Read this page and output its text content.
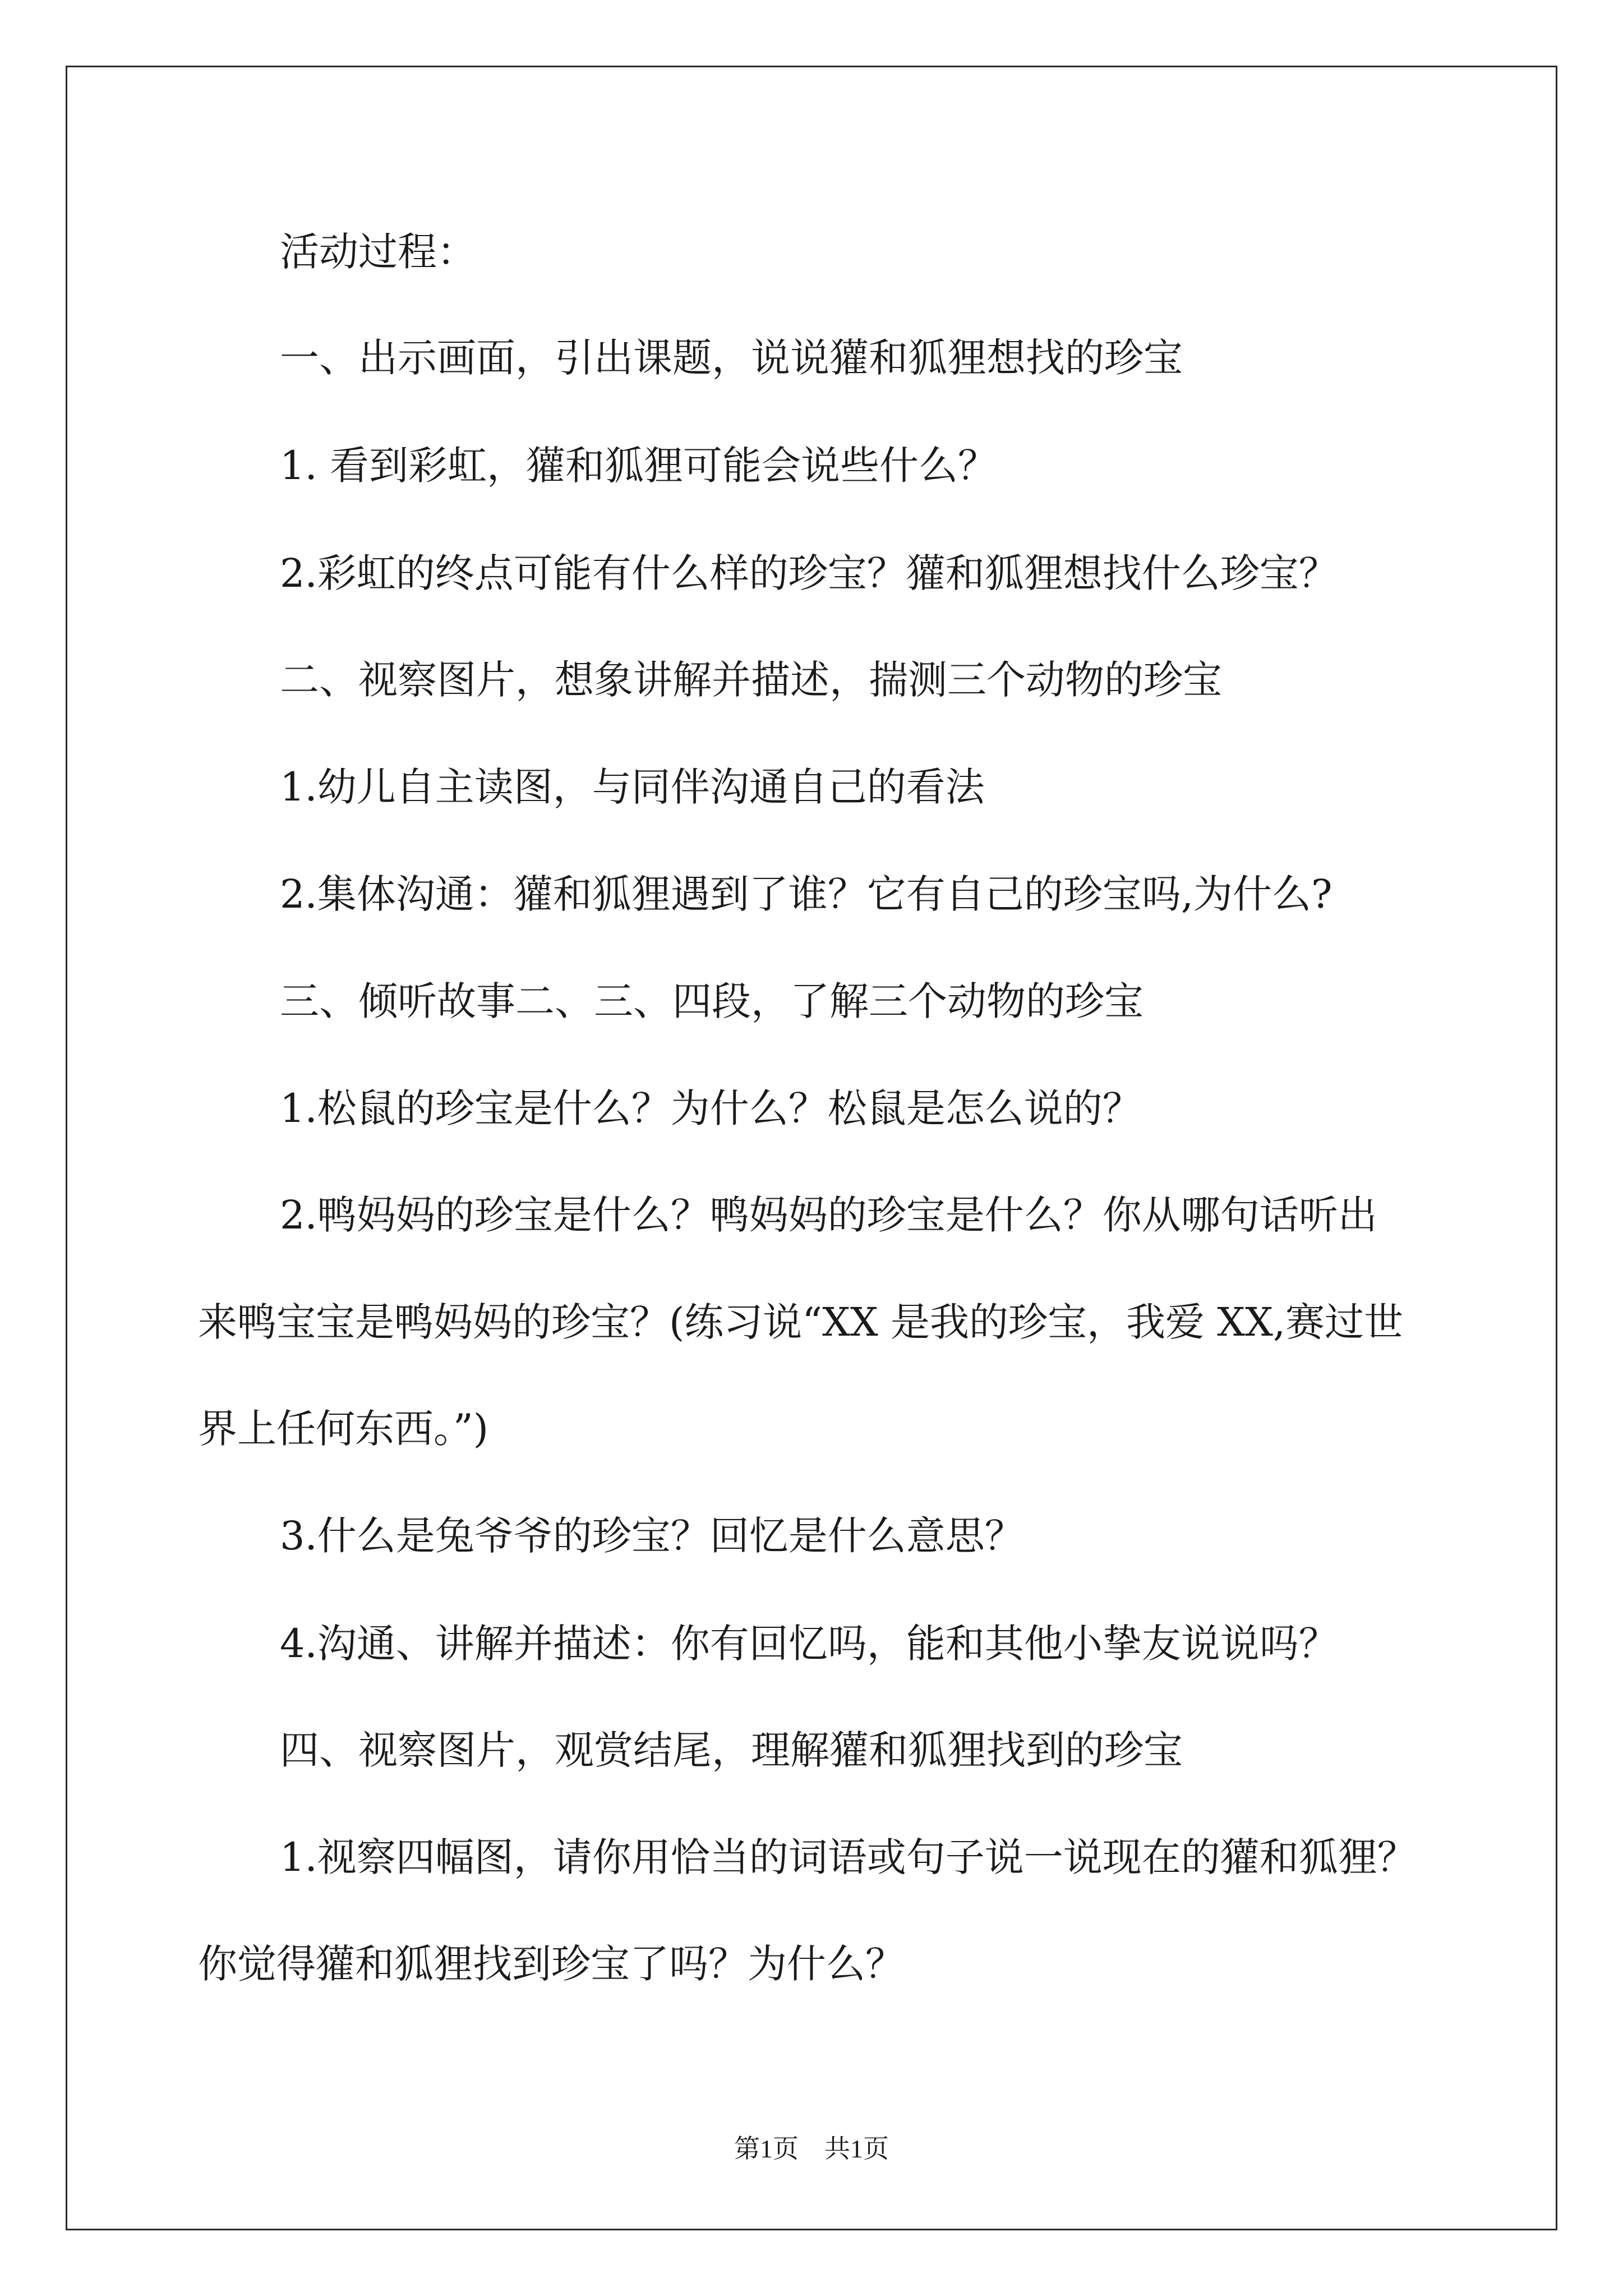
活动过程：

一、出示画面，引出课题，说说獾和狐狸想找的珍宝

1. 看到彩虹，獾和狐狸可能会说些什么？

2.彩虹的终点可能有什么样的珍宝？獾和狐狸想找什么珍宝？

二、视察图片，想象讲解并描述，揣测三个动物的珍宝

1.幼儿自主读图，与同伴沟通自己的看法

2.集体沟通：獾和狐狸遇到了谁？它有自己的珍宝吗,为什么?

三、倾听故事二、三、四段，了解三个动物的珍宝

1.松鼠的珍宝是什么？为什么？松鼠是怎么说的？

2.鸭妈妈的珍宝是什么？鸭妈妈的珍宝是什么？你从哪句话听出

来鸭宝宝是鸭妈妈的珍宝？(练习说“XX 是我的珍宝，我爱 XX,赛过世

界上任何东西。”)

3.什么是兔爷爷的珍宝？回忆是什么意思？

4.沟通、讲解并描述：你有回忆吗，能和其他小挚友说说吗？

四、视察图片，观赏结尾，理解獾和狐狸找到的珍宝

1.视察四幅图，请你用恰当的词语或句子说一说现在的獾和狐狸？

你觉得獾和狐狸找到珍宝了吗？为什么？

第1页　共1页
